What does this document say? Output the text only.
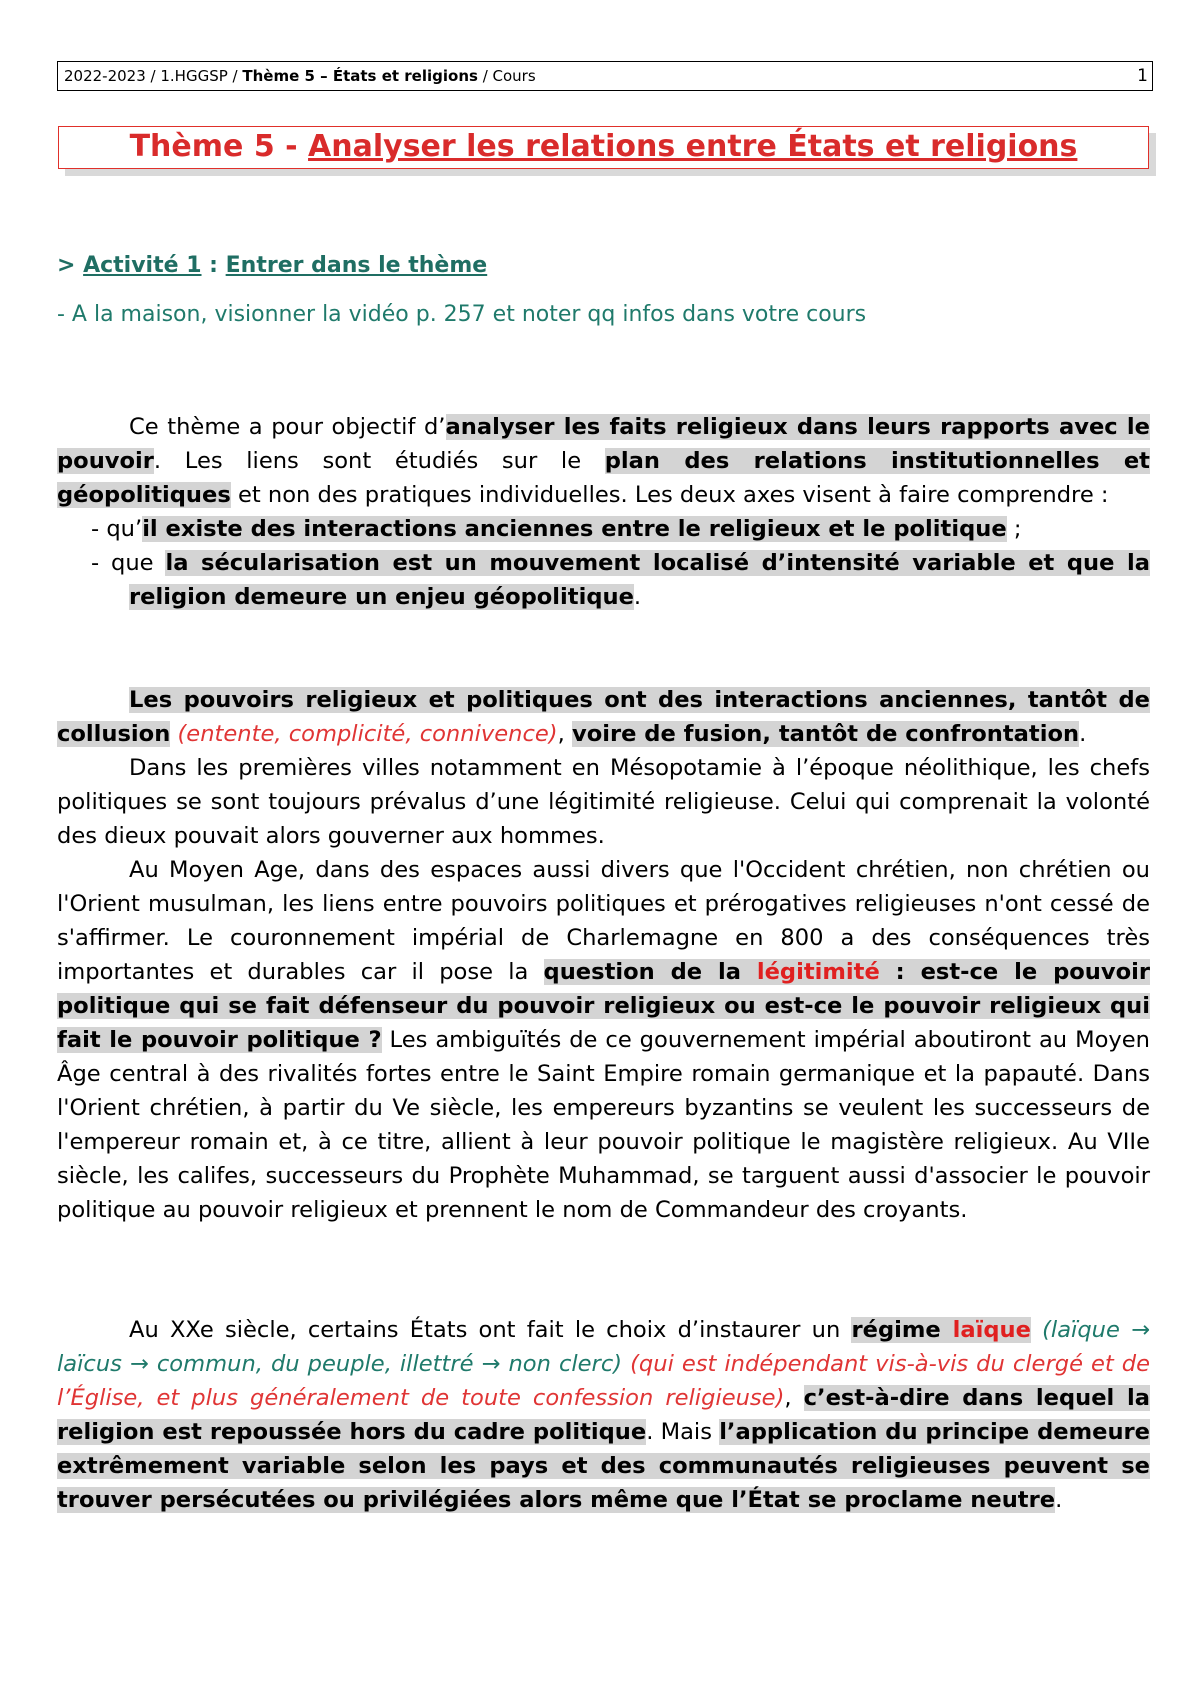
2022-2023 / 1.HGGSP / Thème 5 – États et religions / Cours	1
Thème 5 - Analyser les relations entre États et religions
> Activité 1 : Entrer dans le thème
- A la maison, visionner la vidéo p. 257 et noter qq infos dans votre cours
Ce thème a pour objectif d’analyser les faits religieux dans leurs rapports avec le pouvoir. Les liens sont étudiés sur le plan des relations institutionnelles et géopolitiques et non des pratiques individuelles. Les deux axes visent à faire comprendre :
- qu’il existe des interactions anciennes entre le religieux et le politique ;
- que la sécularisation est un mouvement localisé d’intensité variable et que la religion demeure un enjeu géopolitique.
Les pouvoirs religieux et politiques ont des interactions anciennes, tantôt de collusion (entente, complicité, connivence), voire de fusion, tantôt de confrontation.
Dans les premières villes notamment en Mésopotamie à l’époque néolithique, les chefs politiques se sont toujours prévalus d’une légitimité religieuse. Celui qui comprenait la volonté des dieux pouvait alors gouverner aux hommes.
Au Moyen Age, dans des espaces aussi divers que l'Occident chrétien, non chrétien ou l'Orient musulman, les liens entre pouvoirs politiques et prérogatives religieuses n'ont cessé de s'affirmer. Le couronnement impérial de Charlemagne en 800 a des conséquences très importantes et durables car il pose la question de la légitimité : est-ce le pouvoir politique qui se fait défenseur du pouvoir religieux ou est-ce le pouvoir religieux qui fait le pouvoir politique ? Les ambiguïtés de ce gouvernement impérial aboutiront au Moyen Âge central à des rivalités fortes entre le Saint Empire romain germanique et la papauté. Dans l'Orient chrétien, à partir du Ve siècle, les empereurs byzantins se veulent les successeurs de l'empereur romain et, à ce titre, allient à leur pouvoir politique le magistère religieux. Au VIIe siècle, les califes, successeurs du Prophète Muhammad, se targuent aussi d'associer le pouvoir politique au pouvoir religieux et prennent le nom de Commandeur des croyants.
Au XXe siècle, certains États ont fait le choix d’instaurer un régime laïque (laïque → laïcus → commun, du peuple, illettré → non clerc) (qui est indépendant vis-à-vis du clergé et de l’Église, et plus généralement de toute confession religieuse), c’est-à-dire dans lequel la religion est repoussée hors du cadre politique. Mais l’application du principe demeure extrêmement variable selon les pays et des communautés religieuses peuvent se trouver persécutées ou privilégiées alors même que l’État se proclame neutre.
